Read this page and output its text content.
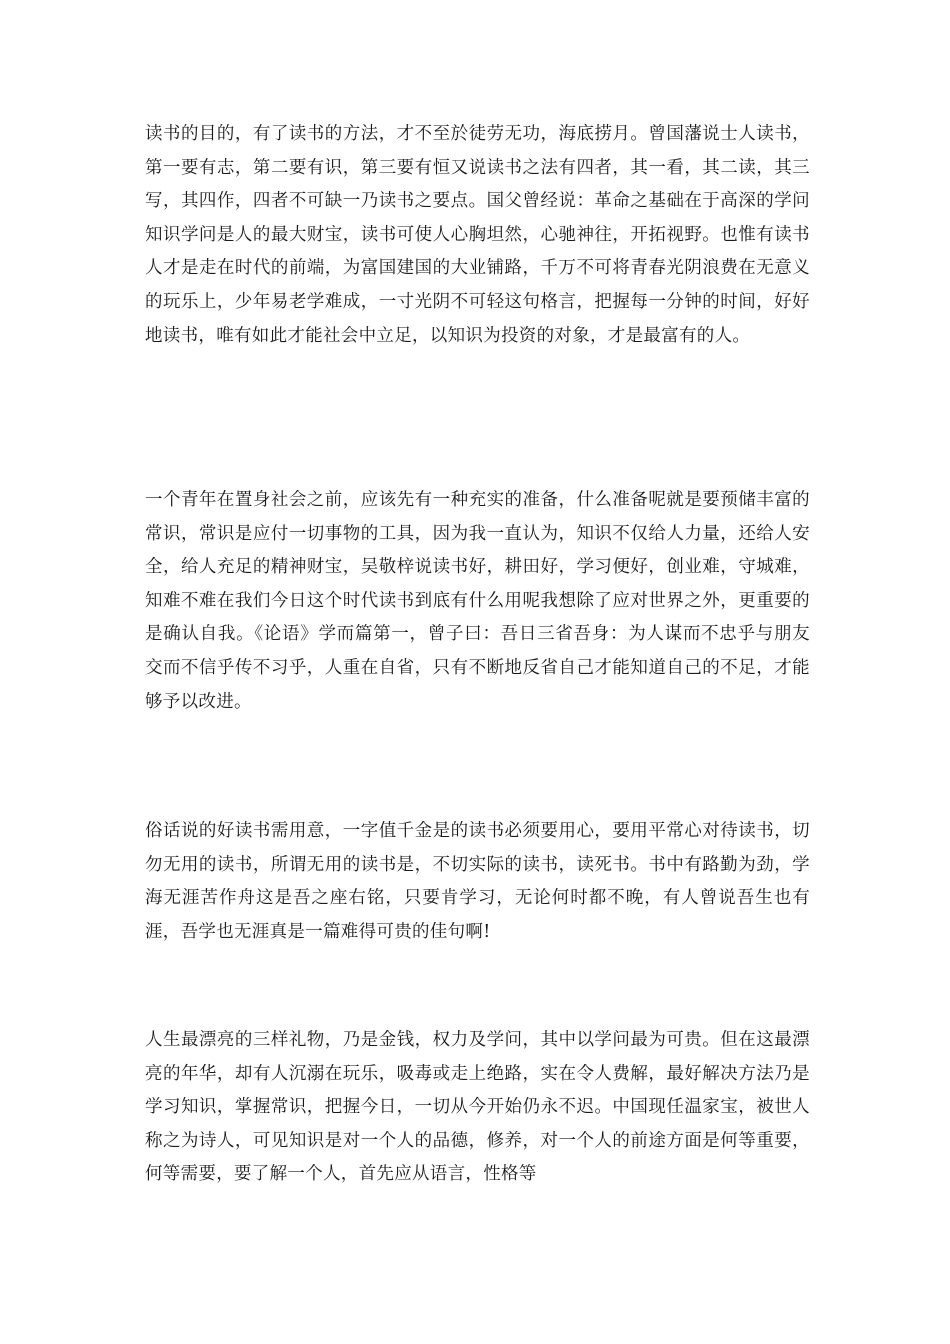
读书的目的，有了读书的方法，才不至於徒劳无功，海底捞月。曾国藩说士人读书，第一要有志，第二要有识，第三要有恒又说读书之法有四者，其一看，其二读，其三写，其四作，四者不可缺一乃读书之要点。国父曾经说：革命之基础在于高深的学问知识学问是人的最大财宝，读书可使人心胸坦然，心驰神往，开拓视野。也惟有读书人才是走在时代的前端，为富国建国的大业铺路，千万不可将青春光阴浪费在无意义的玩乐上，少年易老学难成，一寸光阴不可轻这句格言，把握每一分钟的时间，好好地读书，唯有如此才能社会中立足，以知识为投资的对象，才是最富有的人。

一个青年在置身社会之前，应该先有一种充实的准备，什么准备呢就是要预储丰富的常识，常识是应付一切事物的工具，因为我一直认为，知识不仅给人力量，还给人安全，给人充足的精神财宝，吴敬梓说读书好，耕田好，学习便好，创业难，守城难，知难不难在我们今日这个时代读书到底有什么用呢我想除了应对世界之外，更重要的是确认自我。《论语》学而篇第一，曾子曰：吾日三省吾身：为人谋而不忠乎与朋友交而不信乎传不习乎，人重在自省，只有不断地反省自己才能知道自己的不足，才能够予以改进。

俗话说的好读书需用意，一字值千金是的读书必须要用心，要用平常心对待读书，切勿无用的读书，所谓无用的读书是，不切实际的读书，读死书。书中有路勤为劲，学海无涯苦作舟这是吾之座右铭，只要肯学习，无论何时都不晚，有人曾说吾生也有涯，吾学也无涯真是一篇难得可贵的佳句啊!

人生最漂亮的三样礼物，乃是金钱，权力及学问，其中以学问最为可贵。但在这最漂亮的年华，却有人沉溺在玩乐，吸毒或走上绝路，实在令人费解，最好解决方法乃是学习知识，掌握常识，把握今日，一切从今开始仍永不迟。中国现任温家宝，被世人称之为诗人，可见知识是对一个人的品德，修养，对一个人的前途方面是何等重要，何等需要，要了解一个人，首先应从语言，性格等
